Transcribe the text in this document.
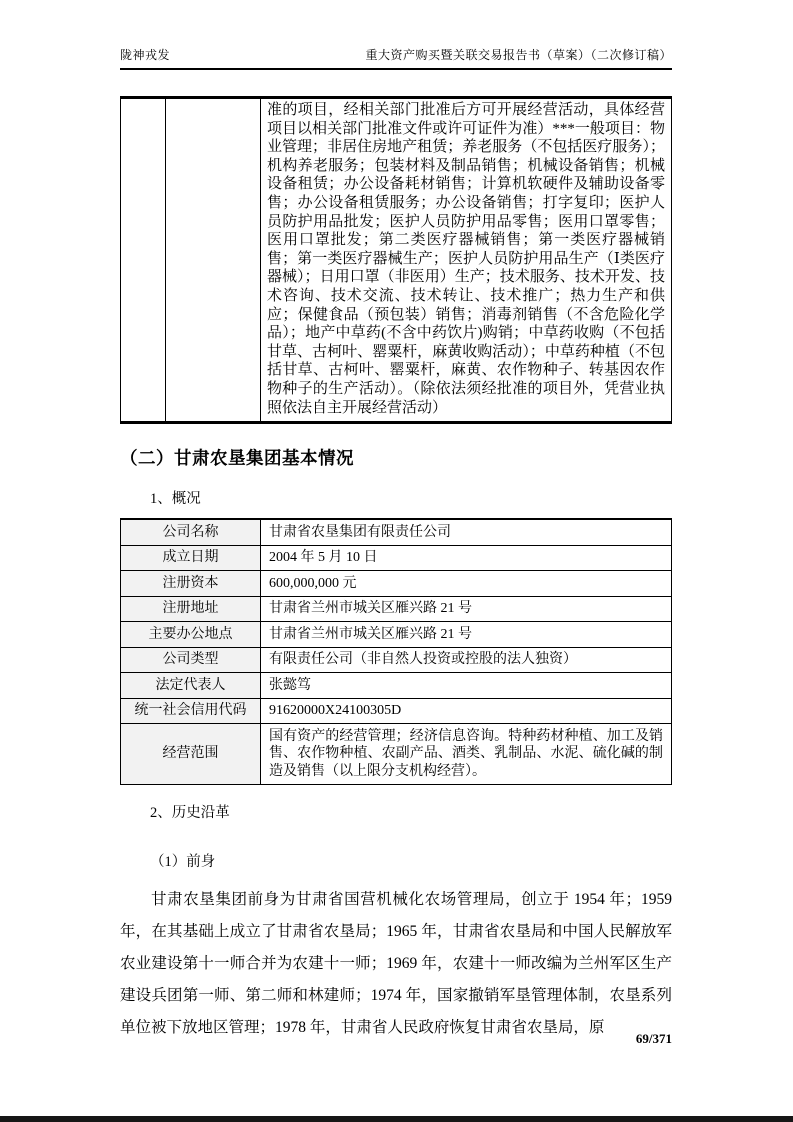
陇神戎发	重大资产购买暨关联交易报告书（草案）（二次修订稿）
		准的项目，经相关部门批准后方可开展经营活动，具体经营项目以相关部门批准文件或许可证件为准）***一般项目：物业管理；非居住房地产租赁；养老服务（不包括医疗服务）；机构养老服务；包装材料及制品销售；机械设备销售；机械设备租赁；办公设备耗材销售；计算机软硬件及辅助设备零售；办公设备租赁服务；办公设备销售；打字复印；医护人员防护用品批发；医护人员防护用品零售；医用口罩零售；医用口罩批发；第二类医疗器械销售；第一类医疗器械销售；第一类医疗器械生产；医护人员防护用品生产（Ⅰ类医疗器械）；日用口罩（非医用）生产；技术服务、技术开发、技术咨询、技术交流、技术转让、技术推广；热力生产和供应；保健食品（预包装）销售；消毒剂销售（不含危险化学品）；地产中草药(不含中药饮片)购销；中草药收购（不包括甘草、古柯叶、罂粟杆，麻黄收购活动）；中草药种植（不包括甘草、古柯叶、罂粟杆，麻黄、农作物种子、转基因农作物种子的生产活动）。（除依法须经批准的项目外，凭营业执照依法自主开展经营活动）
（二）甘肃农垦集团基本情况
1、概况
公司名称	甘肃省农垦集团有限责任公司
成立日期	2004 年 5 月 10 日
注册资本	600,000,000 元
注册地址	甘肃省兰州市城关区雁兴路 21 号
主要办公地点	甘肃省兰州市城关区雁兴路 21 号
公司类型	有限责任公司（非自然人投资或控股的法人独资）
法定代表人	张懿笃
统一社会信用代码	91620000X24100305D
经营范围	国有资产的经营管理；经济信息咨询。特种药材种植、加工及销售、农作物种植、农副产品、酒类、乳制品、水泥、硫化碱的制造及销售（以上限分支机构经营）。
2、历史沿革
（1）前身

甘肃农垦集团前身为甘肃省国营机械化农场管理局，创立于 1954 年；1959 年，在其基础上成立了甘肃省农垦局；1965 年，甘肃省农垦局和中国人民解放军农业建设第十一师合并为农建十一师；1969 年，农建十一师改编为兰州军区生产建设兵团第一师、第二师和林建师；1974 年，国家撤销军垦管理体制，农垦系列单位被下放地区管理；1978 年，甘肃省人民政府恢复甘肃省农垦局，原

69/371
